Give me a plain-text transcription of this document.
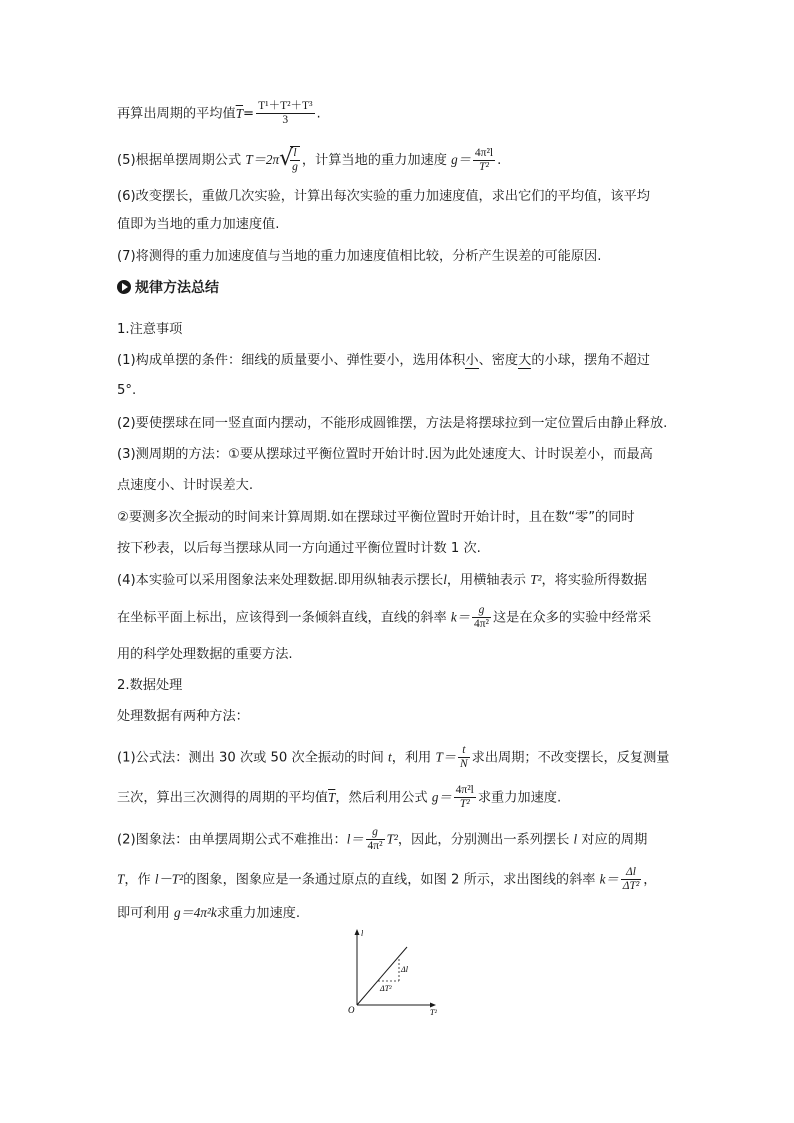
再算出周期的平均值$\overline{T}= \frac{\text{T¹＋T²＋T³}}{3}$ .
(5)根据单摆周期公式 T＝2π √
$\frac{l}{g}$ ，计算当地的重力加速度 $g= \frac{\text{4π²l}}{\text{T²}}$ .
(6)改变摆长，重做几次实验，计算出每次实验的重力加速度值，求出它们的平均值，该平均
值即为当地的重力加速度值.
(7)将测得的重力加速度值与当地的重力加速度值相比较，分析产生误差的可能原因.
规律方法总结
1.注意事项
(1)构成单摆的条件：细线的质量要小、弹性要小，选用体积小、密度大的小球，摆角不超过
5°.
(2)要使摆球在同一竖直面内摆动，不能形成圆锥摆，方法是将摆球拉到一定位置后由静止释放.
(3)测周期的方法：①要从摆球过平衡位置时开始计时.因为此处速度大、计时误差小，而最高
点速度小、计时误差大.
②要测多次全振动的时间来计算周期.如在摆球过平衡位置时开始计时，且在数“零”的同时
按下秒表，以后每当摆球从同一方向通过平衡位置时计数 1 次.
(4)本实验可以采用图象法来处理数据.即用纵轴表示摆长l，用横轴表示 T²，将实验所得数据
在坐标平面上标出，应该得到一条倾斜直线，直线的斜率 $k= \frac{g}{\text{4π²}}$ 这是在众多的实验中经常采
用的科学处理数据的重要方法.
2.数据处理
处理数据有两种方法：
(1)公式法：测出 30 次或 50 次全振动的时间 t，利用 $T= \frac{t}{N}$ 求出周期；不改变摆长，反复测量
三次，算出三次测得的周期的平均值$\overline{T}$，然后利用公式 $g= \frac{\text{4π²l}}{\text{T²}}$ 求重力加速度.
(2)图象法：由单摆周期公式不难推出：$l= \frac{g}{\text{4π²}} T^2$，因此，分别测出一系列摆长 l 对应的周期
T，作 l－T²的图象，图象应是一条通过原点的直线，如图 2 所示，求出图线的斜率 $k= \frac{\Delta l}{\text{ΔT²}}$ ，
即可利用 g＝4π²k求重力加速度.
l
T²
O
Δl
ΔT²
